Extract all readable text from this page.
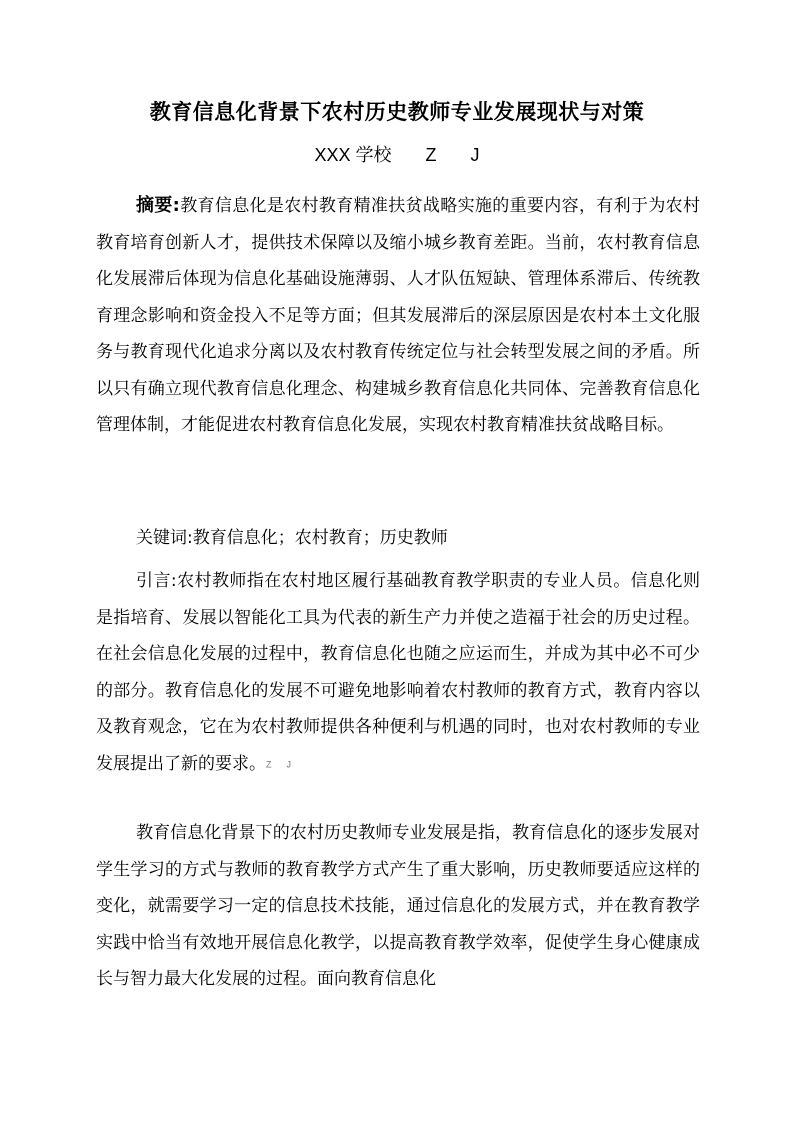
教育信息化背景下农村历史教师专业发展现状与对策
XXX 学校 Z J

摘要:教育信息化是农村教育精准扶贫战略实施的重要内容，有利于为农村教育培育创新人才，提供技术保障以及缩小城乡教育差距。当前，农村教育信息化发展滞后体现为信息化基础设施薄弱、人才队伍短缺、管理体系滞后、传统教育理念影响和资金投入不足等方面；但其发展滞后的深层原因是农村本土文化服务与教育现代化追求分离以及农村教育传统定位与社会转型发展之间的矛盾。所以只有确立现代教育信息化理念、构建城乡教育信息化共同体、完善教育信息化管理体制，才能促进农村教育信息化发展，实现农村教育精准扶贫战略目标。

关键词:教育信息化；农村教育；历史教师

引言:农村教师指在农村地区履行基础教育教学职责的专业人员。信息化则是指培育、发展以智能化工具为代表的新生产力并使之造福于社会的历史过程。在社会信息化发展的过程中，教育信息化也随之应运而生，并成为其中必不可少的部分。教育信息化的发展不可避免地影响着农村教师的教育方式，教育内容以及教育观念，它在为农村教师提供各种便利与机遇的同时，也对农村教师的专业发展提出了新的要求。Z      J

教育信息化背景下的农村历史教师专业发展是指，教育信息化的逐步发展对学生学习的方式与教师的教育教学方式产生了重大影响，历史教师要适应这样的变化，就需要学习一定的信息技术技能，通过信息化的发展方式，并在教育教学实践中恰当有效地开展信息化教学，以提高教育教学效率，促使学生身心健康成长与智力最大化发展的过程。面向教育信息化
